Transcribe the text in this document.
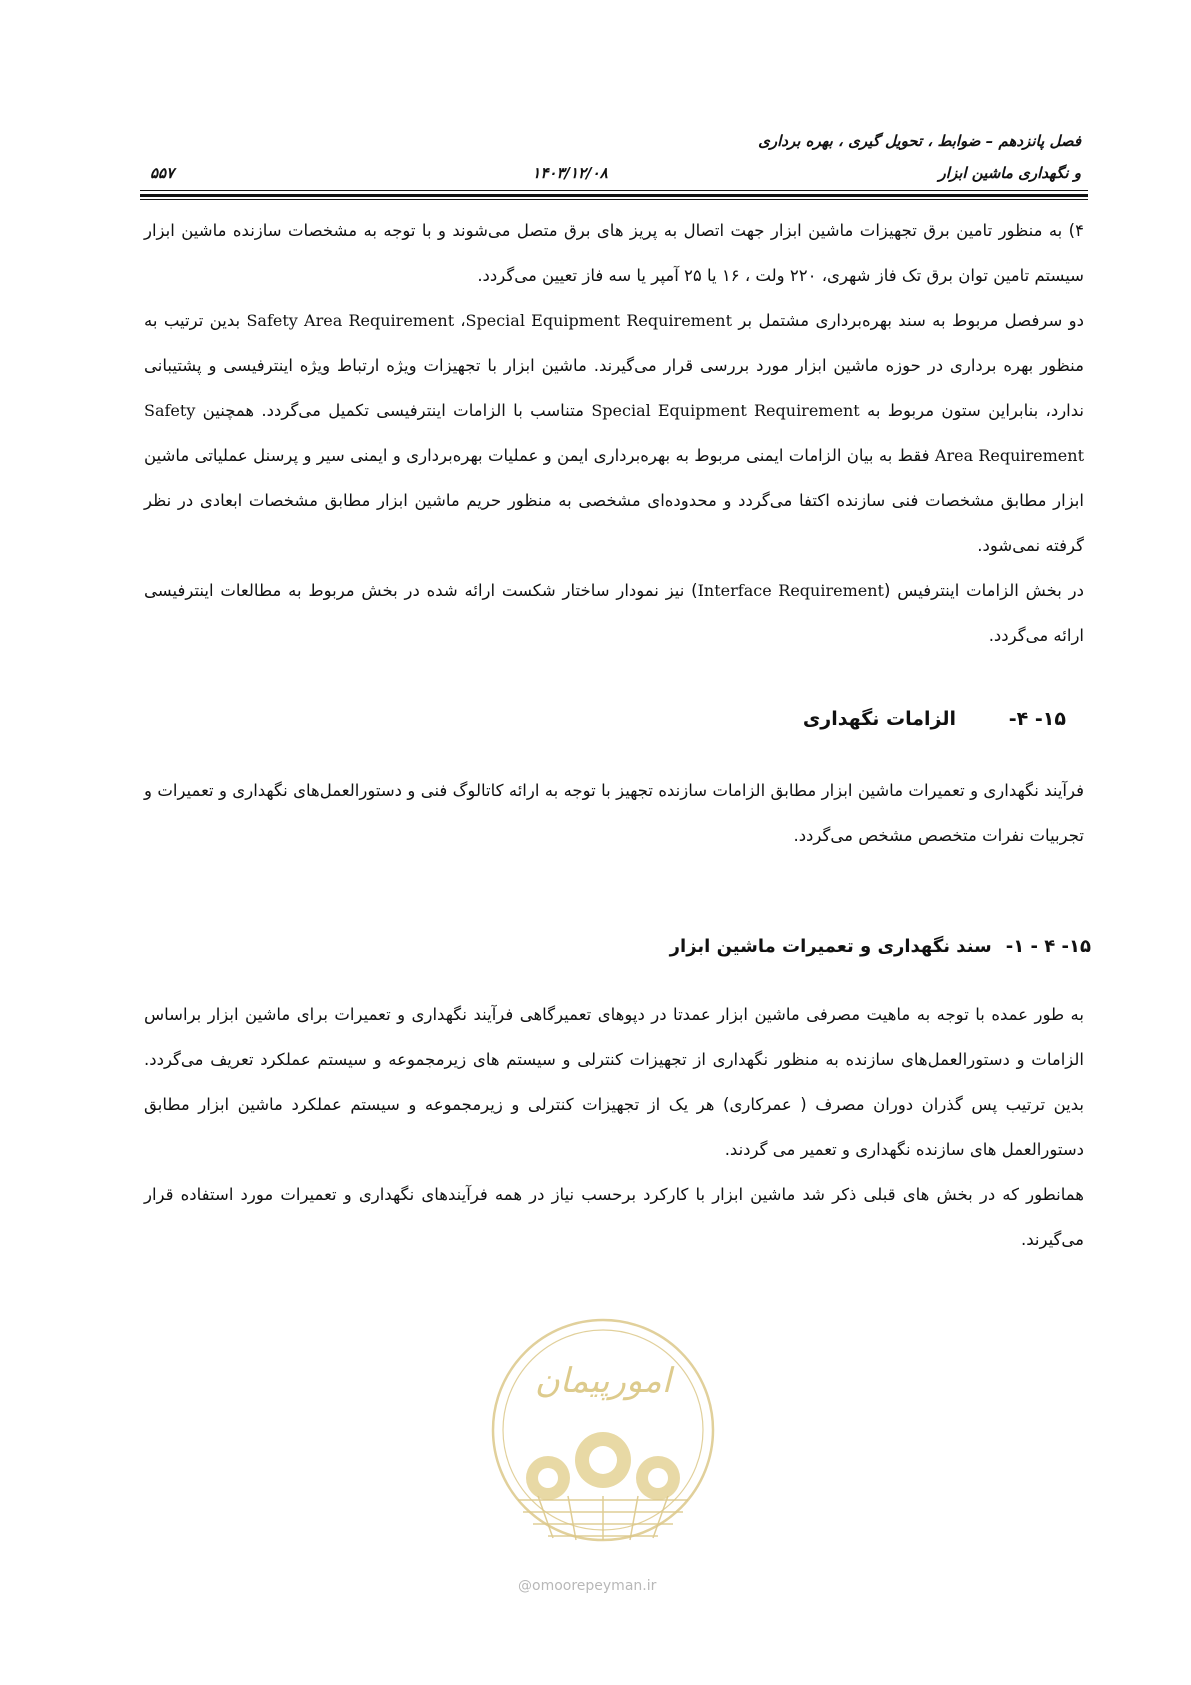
فصل پانزدهم – ضوابط ، تحویل گیری ، بهره برداری
و نگهداری ماشین ابزار
۱۴۰۳/۱۲/۰۸
۵۵۷

۴) به منظور تامین برق تجهیزات ماشین ابزار جهت اتصال به پریز های برق متصل می‌شوند و با توجه به مشخصات سازنده ماشین ابزار سیستم تامین توان برق تک فاز شهری، ۲۲۰ ولت ، ۱۶ یا ۲۵ آمپر یا سه فاز تعیین می‌گردد.

دو سرفصل مربوط به سند بهره‌برداری مشتمل بر Safety Area Requirement ،Special Equipment Requirement بدین ترتیب به منظور بهره برداری در حوزه ماشین ابزار مورد بررسی قرار می‌گیرند. ماشین ابزار با تجهیزات ویژه ارتباط ویژه اینترفیسی و پشتیبانی ندارد، بنابراین ستون مربوط به Special Equipment Requirement متناسب با الزامات اینترفیسی تکمیل می‌گردد. همچنین Safety Area Requirement فقط به بیان الزامات ایمنی مربوط به بهره‌برداری ایمن و عملیات بهره‌برداری و ایمنی سیر و پرسنل عملیاتی ماشین ابزار مطابق مشخصات فنی سازنده اکتفا می‌گردد و محدوده‌ای مشخصی به منظور حریم ماشین ابزار مطابق مشخصات ابعادی در نظر گرفته نمی‌شود.

در بخش الزامات اینترفیس (Interface Requirement) نیز نمودار ساختار شکست ارائه شده در بخش مربوط به مطالعات اینترفیسی ارائه می‌گردد.

۱۵- ۴-
الزامات نگهداری

فرآیند نگهداری و تعمیرات ماشین ابزار مطابق الزامات سازنده تجهیز با توجه به ارائه کاتالوگ فنی و دستورالعمل‌های نگهداری و تعمیرات و تجربیات نفرات متخصص مشخص می‌گردد.

۱۵- ۴ - ۱-سند نگهداری و تعمیرات ماشین ابزار

به طور عمده با توجه به ماهیت مصرفی ماشین ابزار عمدتا در دپوهای تعمیرگاهی فرآیند نگهداری و تعمیرات برای ماشین ابزار براساس الزامات و دستورالعمل‌های سازنده به منظور نگهداری از تجهیزات کنترلی و سیستم های زیرمجموعه و سیستم عملکرد تعریف می‌گردد. بدین ترتیب پس گذران دوران مصرف ( عمرکاری) هر یک از تجهیزات کنترلی و زیرمجموعه و سیستم عملکرد ماشین ابزار مطابق دستورالعمل های سازنده نگهداری و تعمیر می گردند.

همانطور که در بخش های قبلی ذکر شد ماشین ابزار با کارکرد برحسب نیاز در همه فرآیندهای نگهداری و تعمیرات مورد استفاده قرار می‌گیرند.

امورپیمان
@omoorepeyman.ir
